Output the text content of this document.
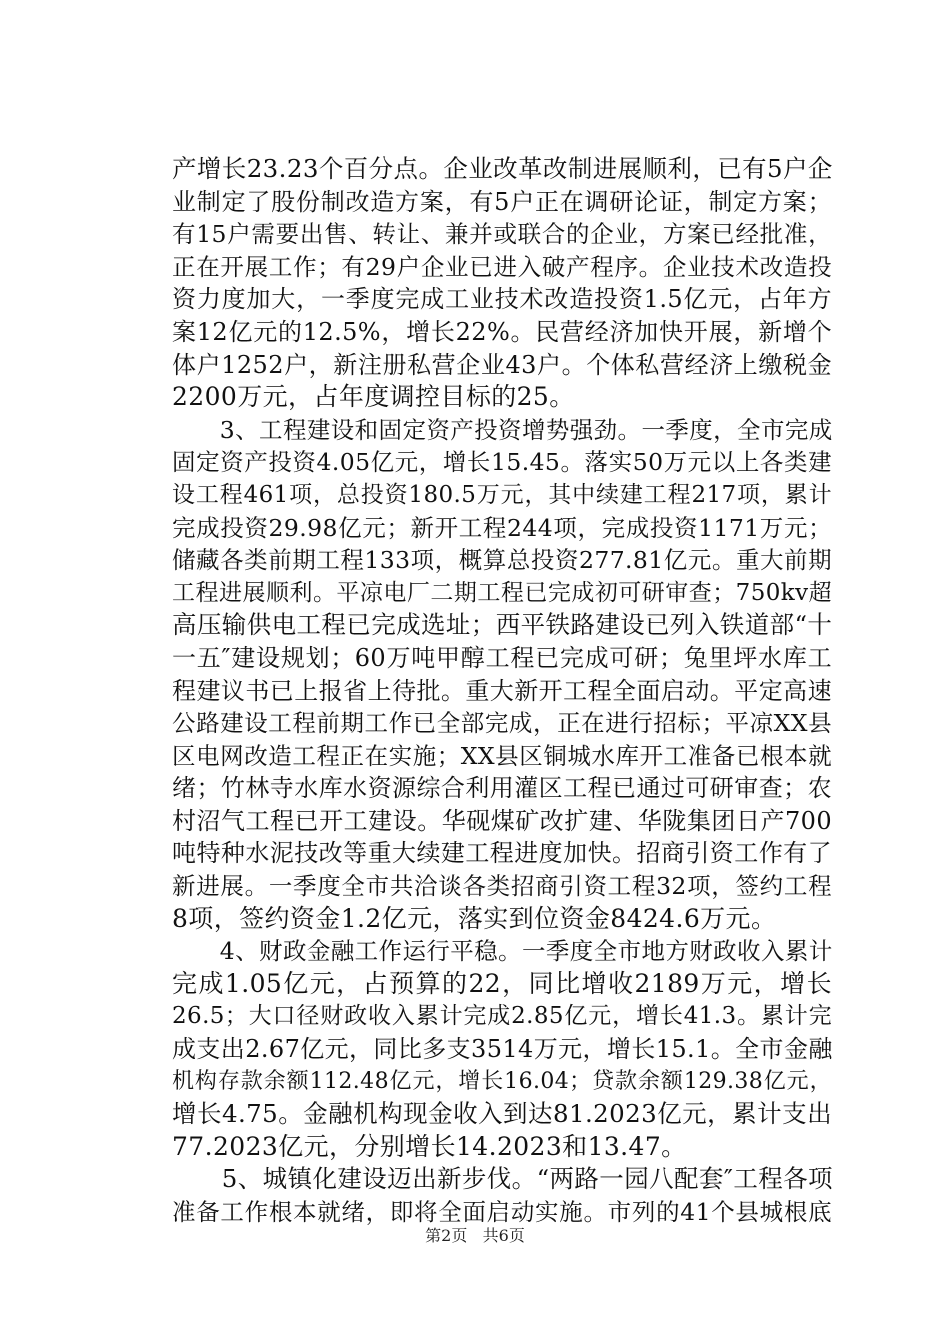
产增长23.23个百分点。企业改革改制进展顺利，已有5户企
业制定了股份制改造方案，有5户正在调研论证，制定方案；
有15户需要出售、转让、兼并或联合的企业，方案已经批准，
正在开展工作；有29户企业已进入破产程序。企业技术改造投
资力度加大，一季度完成工业技术改造投资1.5亿元，占年方
案12亿元的12.5%，增长22%。民营经济加快开展，新增个
体户1252户，新注册私营企业43户。个体私营经济上缴税金
2200万元，占年度调控目标的25。
　　3、工程建设和固定资产投资增势强劲。一季度，全市完成
固定资产投资4.05亿元，增长15.45。落实50万元以上各类建
设工程461项，总投资180.5万元，其中续建工程217项，累计
完成投资29.98亿元；新开工程244项，完成投资1171万元；
储藏各类前期工程133项，概算总投资277.81亿元。重大前期
工程进展顺利。平凉电厂二期工程已完成初可研审查；750kv超
高压输供电工程已完成选址；西平铁路建设已列入铁道部“十
一五″建设规划；60万吨甲醇工程已完成可研；兔里坪水库工
程建议书已上报省上待批。重大新开工程全面启动。平定高速
公路建设工程前期工作已全部完成，正在进行招标；平凉XX县
区电网改造工程正在实施；XX县区铜城水库开工准备已根本就
绪；竹林寺水库水资源综合利用灌区工程已通过可研审查；农
村沼气工程已开工建设。华砚煤矿改扩建、华陇集团日产700
吨特种水泥技改等重大续建工程进度加快。招商引资工作有了
新进展。一季度全市共洽谈各类招商引资工程32项，签约工程
8项，签约资金1.2亿元，落实到位资金8424.6万元。
　　4、财政金融工作运行平稳。一季度全市地方财政收入累计
完成1.05亿元，占预算的22，同比增收2189万元，增长
26.5；大口径财政收入累计完成2.85亿元，增长41.3。累计完
成支出2.67亿元，同比多支3514万元，增长15.1。全市金融
机构存款余额112.48亿元，增长16.04；贷款余额129.38亿元，
增长4.75。金融机构现金收入到达81.2023亿元，累计支出
77.2023亿元，分别增长14.2023和13.47。
　　5、城镇化建设迈出新步伐。“两路一园八配套″工程各项
准备工作根本就绪，即将全面启动实施。市列的41个县城根底
第2页 共6页
